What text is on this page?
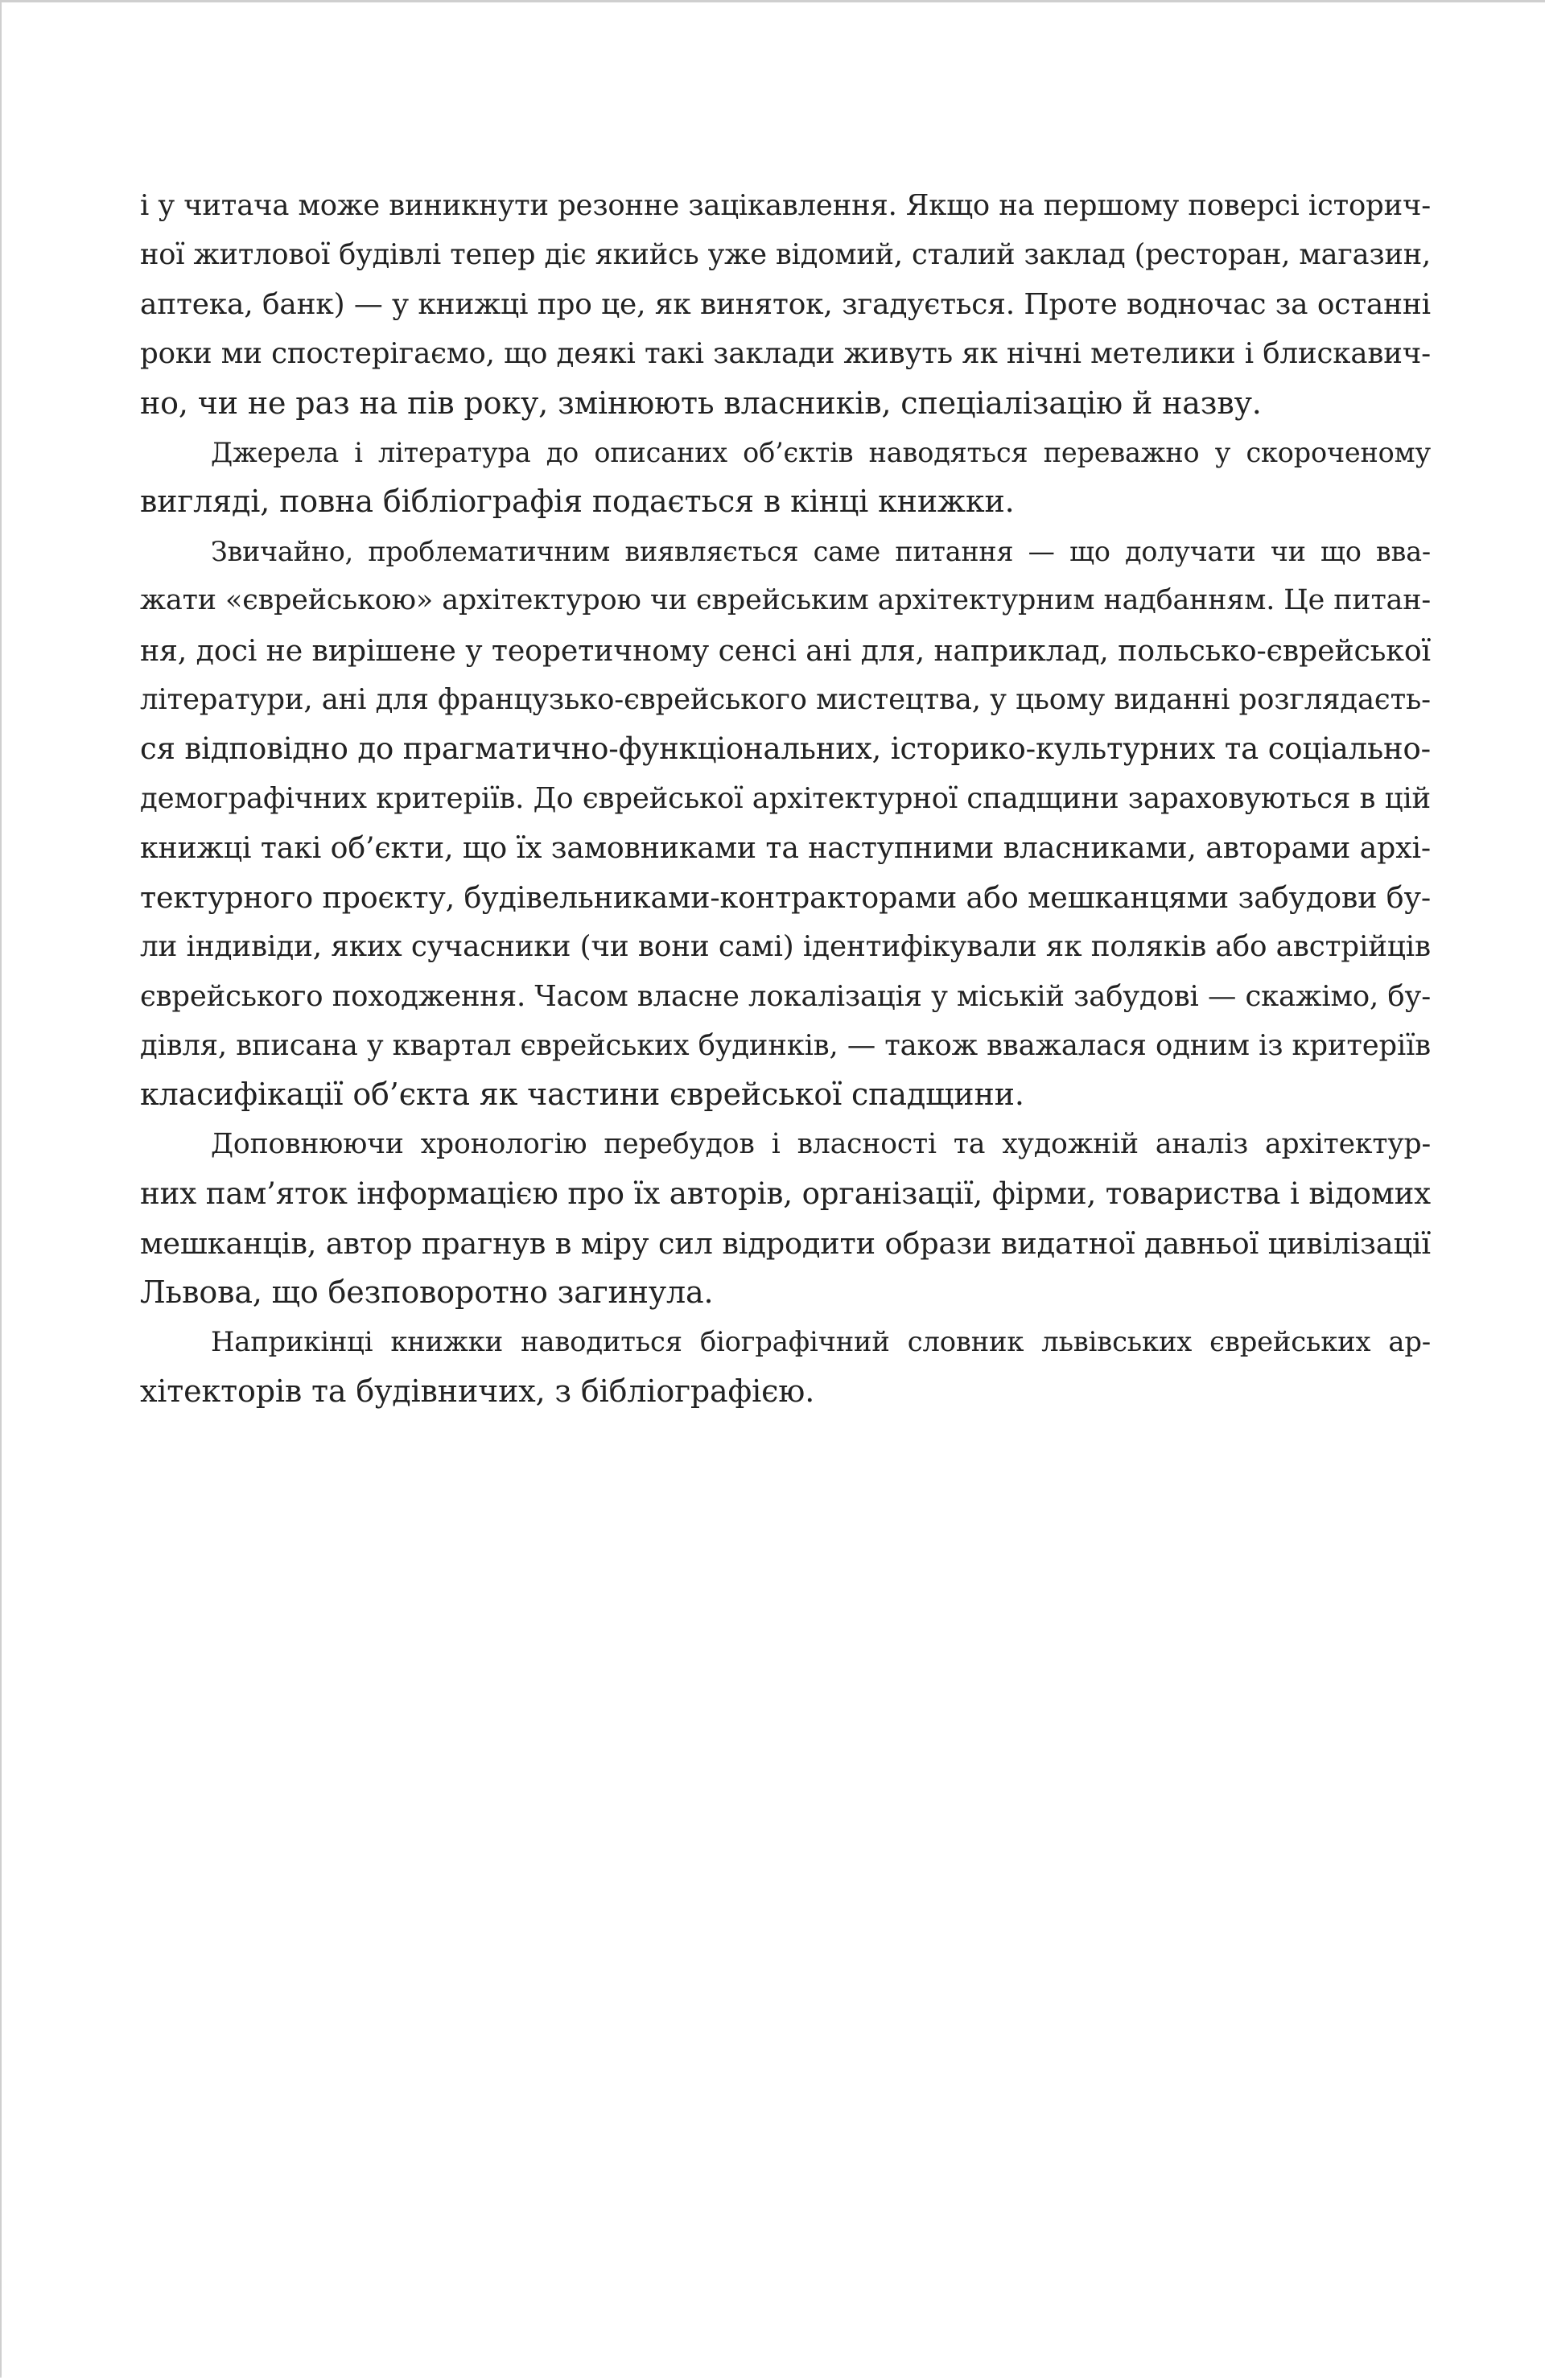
і у читача може виникнути резонне зацікавлення. Якщо на першому поверсі історич-
ної житлової будівлі тепер діє якийсь уже відомий, сталий заклад (ресторан, магазин,
аптека, банк) — у книжці про це, як виняток, згадується. Проте водночас за останні
роки ми спостерігаємо, що деякі такі заклади живуть як нічні метелики і блискавич-
но, чи не раз на пів року, змінюють власників, спеціалізацію й назву.

Джерела і література до описаних об’єктів наводяться переважно у скороченому
вигляді, повна бібліографія подається в кінці книжки.

Звичайно, проблематичним виявляється саме питання — що долучати чи що вва-
жати «єврейською» архітектурою чи єврейським архітектурним надбанням. Це питан-
ня, досі не вирішене у теоретичному сенсі ані для, наприклад, польсько-єврейської
літератури, ані для французько-єврейського мистецтва, у цьому виданні розглядаєть-
ся відповідно до прагматично-функціональних, історико-культурних та соціально-
демографічних критеріїв. До єврейської архітектурної спадщини зараховуються в цій
книжці такі об’єкти, що їх замовниками та наступними власниками, авторами архі-
тектурного проєкту, будівельниками-контракторами або мешканцями забудови бу-
ли індивіди, яких сучасники (чи вони самі) ідентифікували як поляків або австрійців
єврейського походження. Часом власне локалізація у міській забудові — скажімо, бу-
дівля, вписана у квартал єврейських будинків, — також вважалася одним із критеріїв
класифікації об’єкта як частини єврейської спадщини.

Доповнюючи хронологію перебудов і власності та художній аналіз архітектур-
них пам’яток інформацією про їх авторів, організації, фірми, товариства і відомих
мешканців, автор прагнув в міру сил відродити образи видатної давньої цивілізації
Львова, що безповоротно загинула.

Наприкінці книжки наводиться біографічний словник львівських єврейських ар-
хітекторів та будівничих, з бібліографією.
